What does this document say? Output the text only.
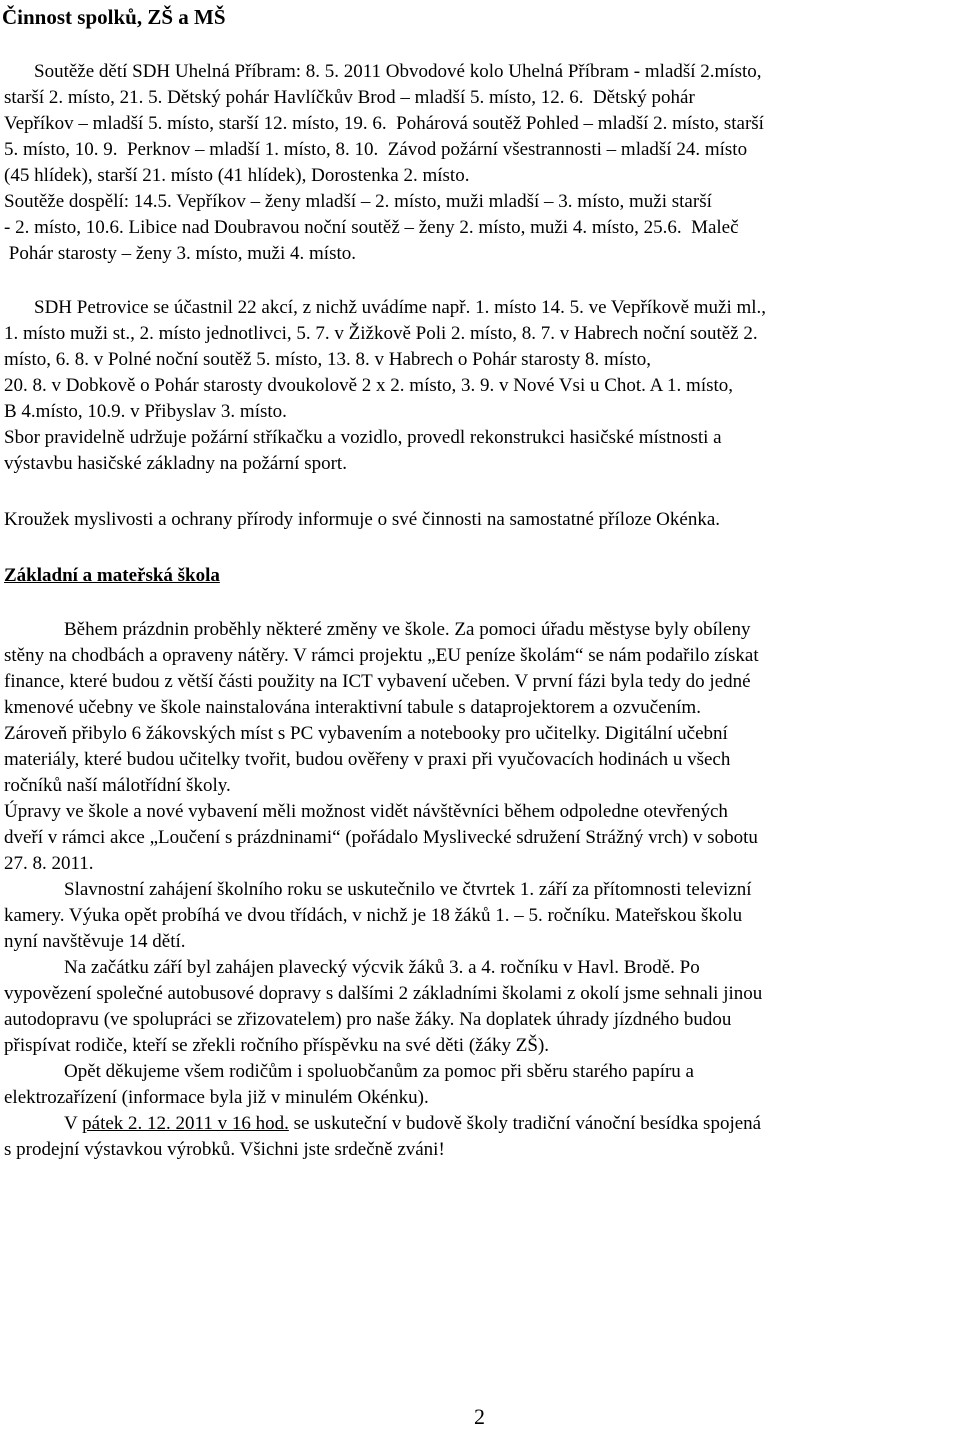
Činnost spolků, ZŠ a MŠ

Soutěže dětí SDH Uhelná Příbram: 8. 5. 2011 Obvodové kolo Uhelná Příbram - mladší 2.místo,

starší 2. místo, 21. 5. Dětský pohár Havlíčkův Brod – mladší 5. místo, 12. 6.  Dětský pohár

Vepříkov – mladší 5. místo, starší 12. místo, 19. 6.  Pohárová soutěž Pohled – mladší 2. místo, starší

5. místo, 10. 9.  Perknov – mladší 1. místo, 8. 10.  Závod požární všestrannosti – mladší 24. místo

(45 hlídek), starší 21. místo (41 hlídek), Dorostenka 2. místo.

Soutěže dospělí: 14.5. Vepříkov – ženy mladší – 2. místo, muži mladší – 3. místo, muži starší

- 2. místo, 10.6. Libice nad Doubravou noční soutěž – ženy 2. místo, muži 4. místo, 25.6.  Maleč

Pohár starosty – ženy 3. místo, muži 4. místo.

SDH Petrovice se účastnil 22 akcí, z nichž uvádíme např. 1. místo 14. 5. ve Vepříkově muži ml.,

1. místo muži st., 2. místo jednotlivci, 5. 7. v Žižkově Poli 2. místo, 8. 7. v Habrech noční soutěž 2.

místo, 6. 8. v Polné noční soutěž 5. místo, 13. 8. v Habrech o Pohár starosty 8. místo,

20. 8. v Dobkově o Pohár starosty dvoukolově 2 x 2. místo, 3. 9. v Nové Vsi u Chot. A 1. místo,

B 4.místo, 10.9. v Přibyslav 3. místo.

Sbor pravidelně udržuje požární stříkačku a vozidlo, provedl rekonstrukci hasičské místnosti a

výstavbu hasičské základny na požární sport.

Kroužek myslivosti a ochrany přírody informuje o své činnosti na samostatné příloze Okénka.

Základní a mateřská škola

Během prázdnin proběhly některé změny ve škole. Za pomoci úřadu městyse byly obíleny

stěny na chodbách a opraveny nátěry. V rámci projektu „EU peníze školám“ se nám podařilo získat

finance, které budou z větší části použity na ICT vybavení učeben. V první fázi byla tedy do jedné

kmenové učebny ve škole nainstalována interaktivní tabule s dataprojektorem a ozvučením.

Zároveň přibylo 6 žákovských míst s PC vybavením a notebooky pro učitelky. Digitální učební

materiály, které budou učitelky tvořit, budou ověřeny v praxi při vyučovacích hodinách u všech

ročníků naší málotřídní školy.

Úpravy ve škole a nové vybavení měli možnost vidět návštěvníci během odpoledne otevřených

dveří v rámci akce „Loučení s prázdninami“ (pořádalo Myslivecké sdružení Strážný vrch) v sobotu

27. 8. 2011.

Slavnostní zahájení školního roku se uskutečnilo ve čtvrtek 1. září za přítomnosti televizní

kamery. Výuka opět probíhá ve dvou třídách, v nichž je 18 žáků 1. – 5. ročníku. Mateřskou školu

nyní navštěvuje 14 dětí.

Na začátku září byl zahájen plavecký výcvik žáků 3. a 4. ročníku v Havl. Brodě. Po

vypovězení společné autobusové dopravy s dalšími 2 základními školami z okolí jsme sehnali jinou

autodopravu (ve spolupráci se zřizovatelem) pro naše žáky. Na doplatek úhrady jízdného budou

přispívat rodiče, kteří se zřekli ročního příspěvku na své děti (žáky ZŠ).

Opět děkujeme všem rodičům i spoluobčanům za pomoc při sběru starého papíru a

elektrozařízení (informace byla již v minulém Okénku).

V pátek 2. 12. 2011 v 16 hod. se uskuteční v budově školy tradiční vánoční besídka spojená

s prodejní výstavkou výrobků. Všichni jste srdečně zváni!

2
